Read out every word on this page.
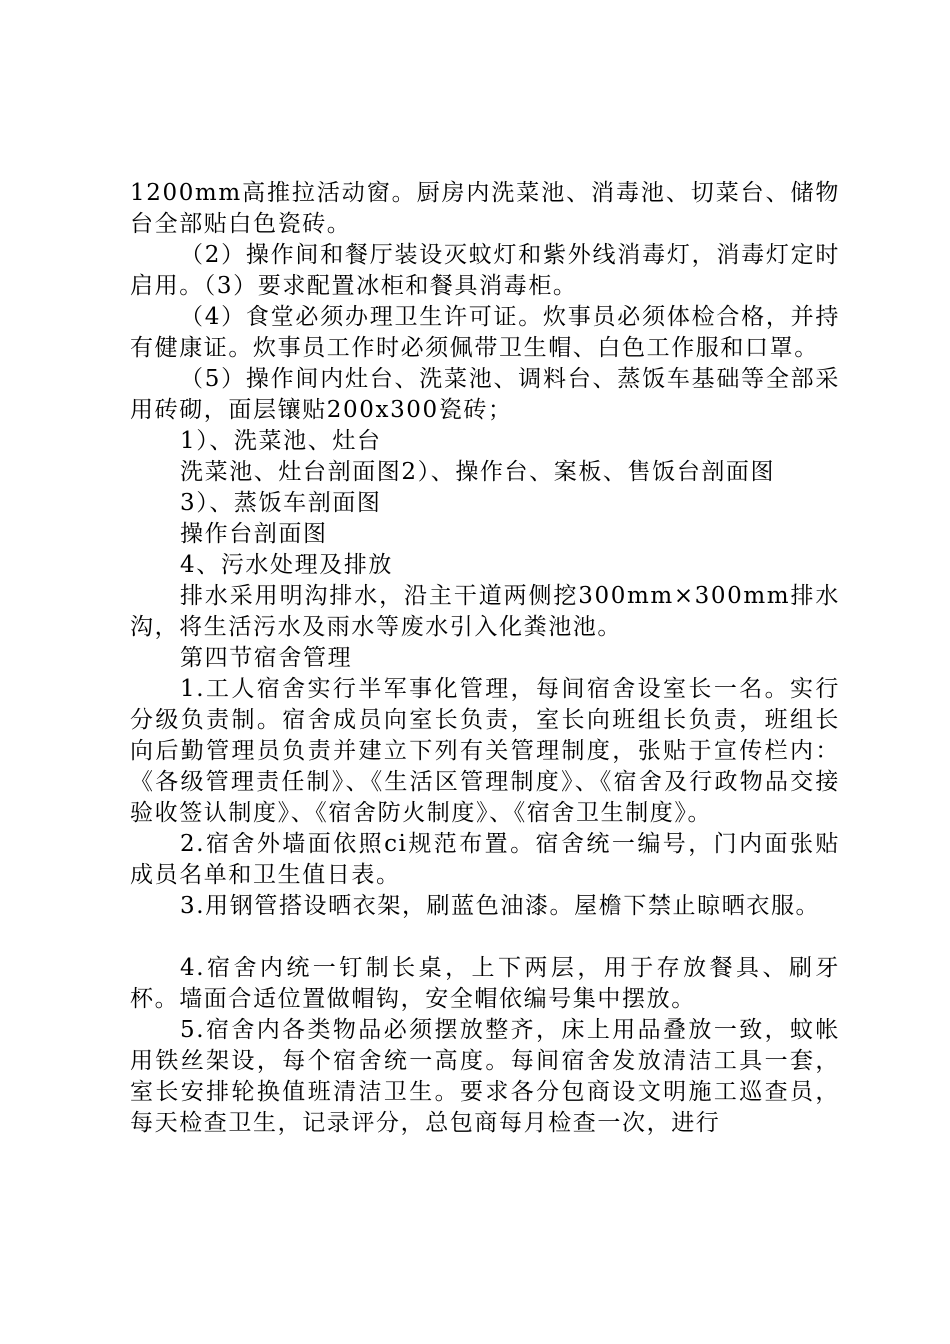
1200mm高推拉活动窗。厨房内洗菜池、消毒池、切菜台、储物台全部贴白色瓷砖。

（2）操作间和餐厅装设灭蚊灯和紫外线消毒灯，消毒灯定时启用。（3）要求配置冰柜和餐具消毒柜。

（4）食堂必须办理卫生许可证。炊事员必须体检合格，并持有健康证。炊事员工作时必须佩带卫生帽、白色工作服和口罩。

（5）操作间内灶台、洗菜池、调料台、蒸饭车基础等全部采用砖砌，面层镶贴200x300瓷砖；

1）、洗菜池、灶台

洗菜池、灶台剖面图2）、操作台、案板、售饭台剖面图

3）、蒸饭车剖面图

操作台剖面图

4、污水处理及排放

排水采用明沟排水，沿主干道两侧挖300mm×300mm排水沟，将生活污水及雨水等废水引入化粪池池。

第四节宿舍管理

1.工人宿舍实行半军事化管理，每间宿舍设室长一名。实行分级负责制。宿舍成员向室长负责，室长向班组长负责，班组长向后勤管理员负责并建立下列有关管理制度，张贴于宣传栏内：《各级管理责任制》、《生活区管理制度》、《宿舍及行政物品交接验收签认制度》、《宿舍防火制度》、《宿舍卫生制度》。

2.宿舍外墙面依照ci规范布置。宿舍统一编号，门内面张贴成员名单和卫生值日表。

3.用钢管搭设晒衣架，刷蓝色油漆。屋檐下禁止晾晒衣服。

4.宿舍内统一钉制长桌，上下两层，用于存放餐具、刷牙杯。墙面合适位置做帽钩，安全帽依编号集中摆放。

5.宿舍内各类物品必须摆放整齐，床上用品叠放一致，蚊帐用铁丝架设，每个宿舍统一高度。每间宿舍发放清洁工具一套，室长安排轮换值班清洁卫生。要求各分包商设文明施工巡查员，每天检查卫生，记录评分，总包商每月检查一次，进行
